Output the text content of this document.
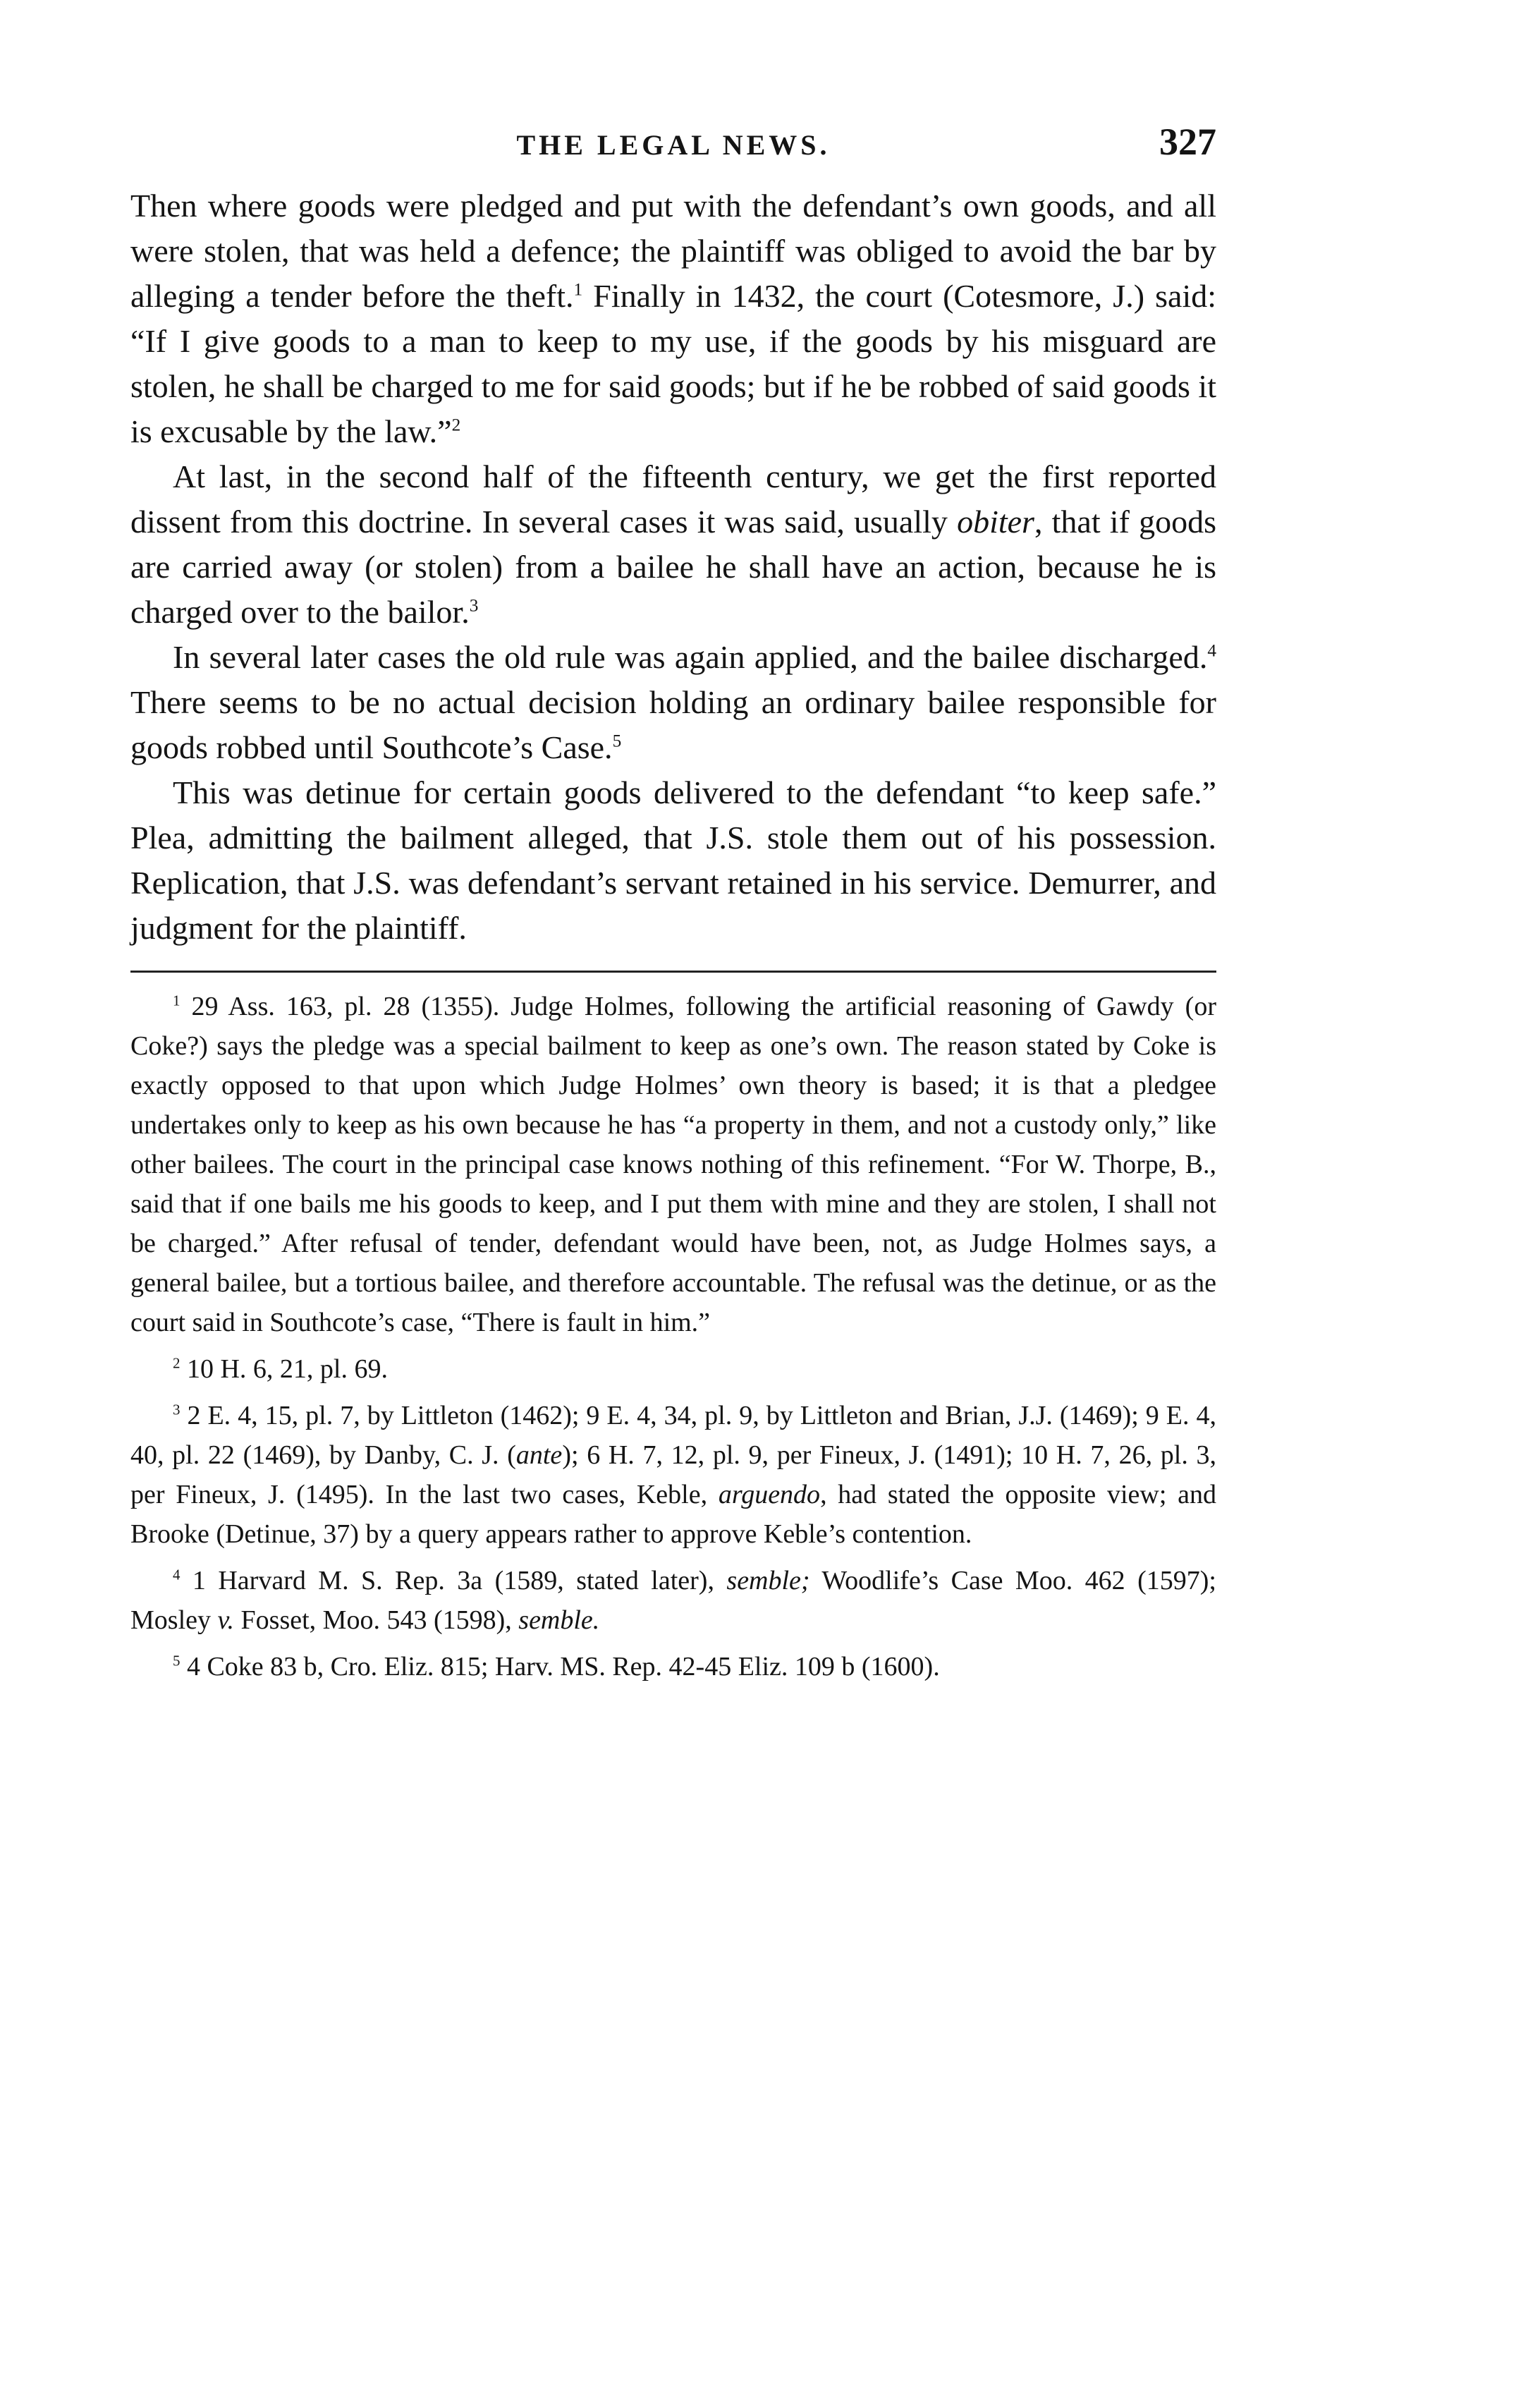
THE LEGAL NEWS.	327

Then where goods were pledged and put with the defendant’s own goods, and all were stolen, that was held a defence; the plaintiff was obliged to avoid the bar by alleging a tender before the theft.$^1$ Finally in 1432, the court (Cotesmore, J.) said: “If I give goods to a man to keep to my use, if the goods by his misguard are stolen, he shall be charged to me for said goods; but if he be robbed of said goods it is excusable by the law.”$^2$

At last, in the second half of the fifteenth century, we get the first reported dissent from this doctrine. In several cases it was said, usually obiter, that if goods are carried away (or stolen) from a bailee he shall have an action, because he is charged over to the bailor.$^3$

In several later cases the old rule was again applied, and the bailee discharged.$^4$ There seems to be no actual decision holding an ordinary bailee responsible for goods robbed until Southcote’s Case.$^5$

This was detinue for certain goods delivered to the defendant “to keep safe.” Plea, admitting the bailment alleged, that J.S. stole them out of his possession. Replication, that J.S. was defendant’s servant retained in his service. Demurrer, and judgment for the plaintiff.

$^1$ 29 Ass. 163, pl. 28 (1355). Judge Holmes, following the artificial reasoning of Gawdy (or Coke?) says the pledge was a special bailment to keep as one’s own. The reason stated by Coke is exactly opposed to that upon which Judge Holmes’ own theory is based; it is that a pledgee undertakes only to keep as his own because he has “a property in them, and not a custody only,” like other bailees. The court in the principal case knows nothing of this refinement. “For W. Thorpe, B., said that if one bails me his goods to keep, and I put them with mine and they are stolen, I shall not be charged.” After refusal of tender, defendant would have been, not, as Judge Holmes says, a general bailee, but a tortious bailee, and therefore accountable. The refusal was the detinue, or as the court said in Southcote’s case, “There is fault in him.”

$^2$ 10 H. 6, 21, pl. 69.

$^3$ 2 E. 4, 15, pl. 7, by Littleton (1462); 9 E. 4, 34, pl. 9, by Littleton and Brian, J.J. (1469); 9 E. 4, 40, pl. 22 (1469), by Danby, C. J. (ante); 6 H. 7, 12, pl. 9, per Fineux, J. (1491); 10 H. 7, 26, pl. 3, per Fineux, J. (1495). In the last two cases, Keble, arguendo, had stated the opposite view; and Brooke (Detinue, 37) by a query appears rather to approve Keble’s contention.

$^4$ 1 Harvard M. S. Rep. 3a (1589, stated later), semble; Woodlife’s Case Moo. 462 (1597); Mosley v. Fosset, Moo. 543 (1598), semble.

$^5$ 4 Coke 83 b, Cro. Eliz. 815; Harv. MS. Rep. 42-45 Eliz. 109 b (1600).
